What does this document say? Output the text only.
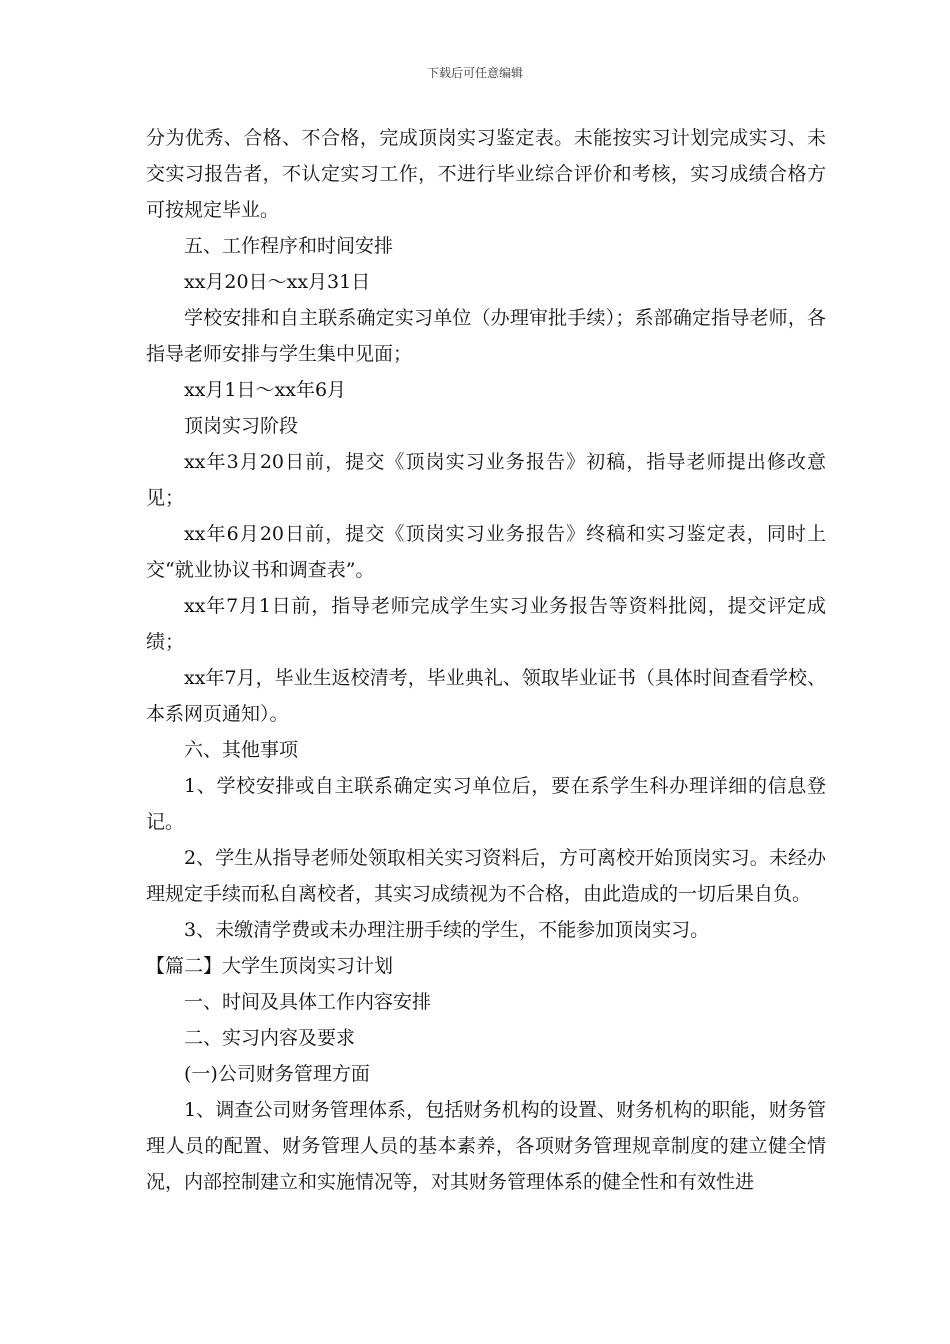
下载后可任意编辑

分为优秀、合格、不合格，完成顶岗实习鉴定表。未能按实习计划完成实习、未交实习报告者，不认定实习工作，不进行毕业综合评价和考核，实习成绩合格方可按规定毕业。

五、工作程序和时间安排

xx月20日～xx月31日

学校安排和自主联系确定实习单位（办理审批手续）；系部确定指导老师，各指导老师安排与学生集中见面；

xx月1日～xx年6月

顶岗实习阶段

xx年3月20日前，提交《顶岗实习业务报告》初稿，指导老师提出修改意见；

xx年6月20日前，提交《顶岗实习业务报告》终稿和实习鉴定表，同时上交“就业协议书和调查表”。

xx年7月1日前，指导老师完成学生实习业务报告等资料批阅，提交评定成绩；

xx年7月，毕业生返校清考，毕业典礼、领取毕业证书（具体时间查看学校、本系网页通知）。

六、其他事项

1、学校安排或自主联系确定实习单位后，要在系学生科办理详细的信息登记。

2、学生从指导老师处领取相关实习资料后，方可离校开始顶岗实习。未经办理规定手续而私自离校者，其实习成绩视为不合格，由此造成的一切后果自负。

3、未缴清学费或未办理注册手续的学生，不能参加顶岗实习。

【篇二】大学生顶岗实习计划

一、时间及具体工作内容安排

二、实习内容及要求

(一)公司财务管理方面

1、调查公司财务管理体系，包括财务机构的设置、财务机构的职能，财务管理人员的配置、财务管理人员的基本素养，各项财务管理规章制度的建立健全情况，内部控制建立和实施情况等，对其财务管理体系的健全性和有效性进
